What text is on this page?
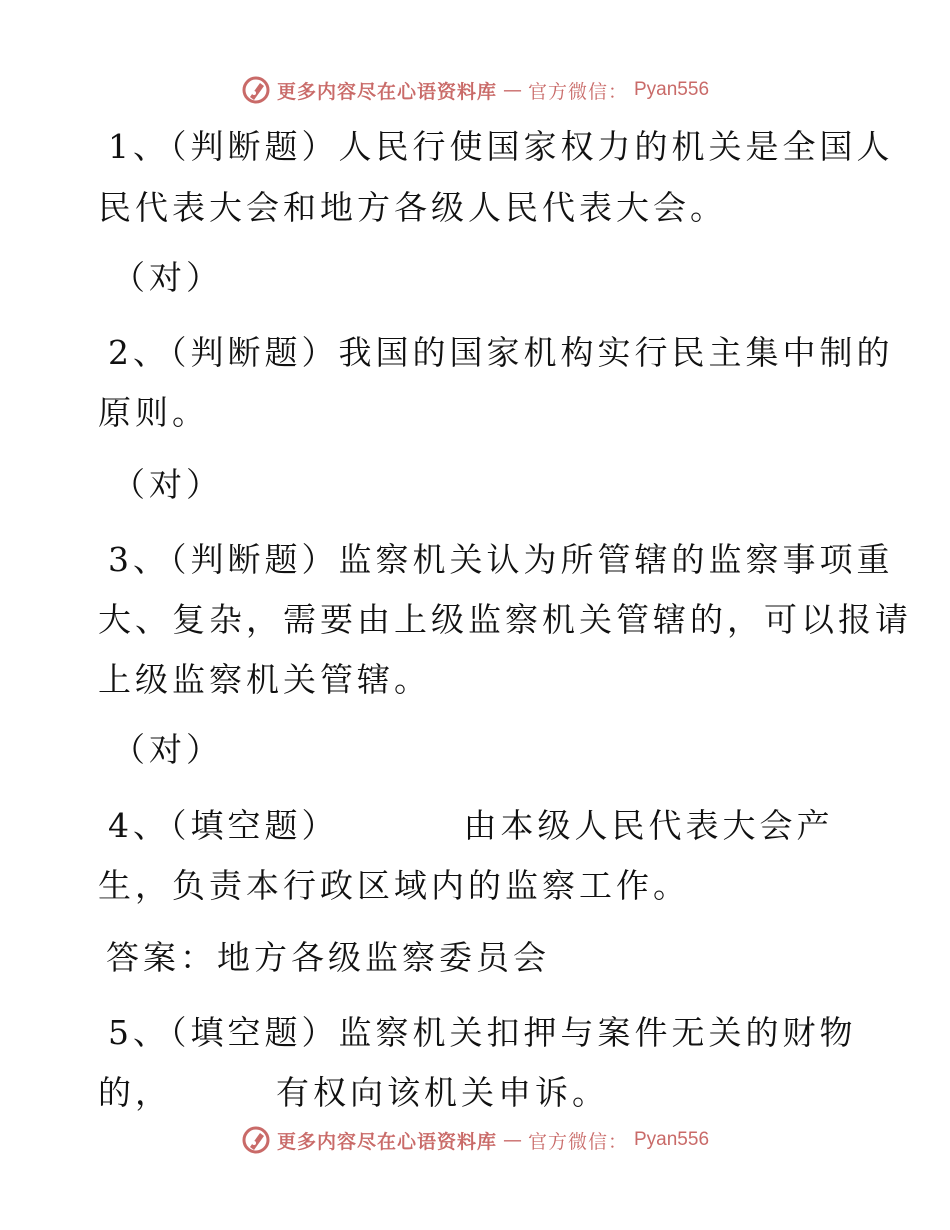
更多内容尽在心语资料库 — 官方微信： Pyan556
1、（判断题）人民行使国家权力的机关是全国人
民代表大会和地方各级人民代表大会。
（对）
2、（判断题）我国的国家机构实行民主集中制的
原则。
（对）
3、（判断题）监察机关认为所管辖的监察事项重
大、复杂，需要由上级监察机关管辖的，可以报请
上级监察机关管辖。
（对）
4、（填空题）	由本级人民代表大会产
生，负责本行政区域内的监察工作。
答案：地方各级监察委员会
5、（填空题）监察机关扣押与案件无关的财物
的，	有权向该机关申诉。
更多内容尽在心语资料库 — 官方微信： Pyan556
